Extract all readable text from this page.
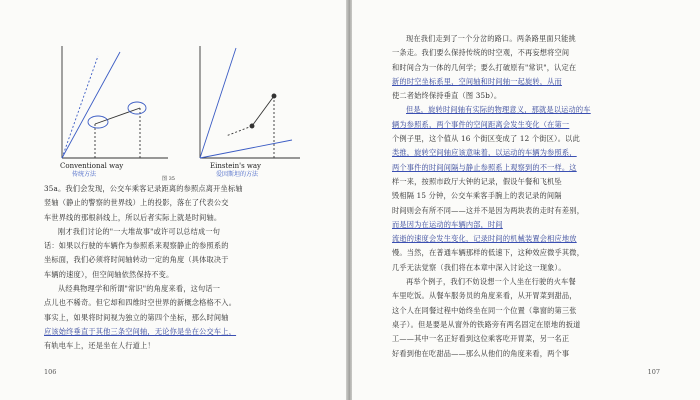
Conventional way
传统方法
Einstein's way
爱因斯坦的方法
图 35
35a。我们会发现，公交车乘客记录距离的参照点离开坐标轴
竖轴（静止的警察的世界线）上的投影，落在了代表公交
车世界线的那根斜线上，所以后者实际上就是时间轴。
刚才我们讨论的"一大堆故事"或许可以总结成一句
话：如果以行驶的车辆作为参照系来观察静止的参照系的
坐标面，我们必须将时间轴转动一定的角度（具体取决于
车辆的速度），但空间轴依然保持不变。
从经典物理学和所谓"常识"的角度来看，这句话一
点儿也不稀奇。但它却和四维时空世界的新概念格格不入。
事实上，如果将时间视为独立的第四个坐标，那么时间轴
应该始终垂直于其他三条空间轴，无论你是坐在公交车上，
有轨电车上，还是坐在人行道上！
106
现在我们走到了一个分岔的路口。两条路里面只能挑
一条走。我们要么保持传统的时空观，不再妄想将空间
和时间合为一体的几何学；要么打破原有"常识"，认定在
新的时空坐标系里，空间轴和时间轴一起旋转，从而
使二者始终保持垂直（图 35b）。
但是，旋转时间轴有实际的物理意义，那就是以运动的车
辆为参照系，两个事件的空间距离会发生变化（在第一
个例子里，这个值从 16 个街区变成了 12 个街区）。以此
类推，旋转空间轴应该意味着，以运动的车辆为参照系，
两个事件的时间间隔与静止参照系上观察到的不一样。这
样一来，按照市政厅大钟的记录，假设午餐和飞机坠
毁相隔 15 分钟，公交车乘客手腕上的表记录的间隔
时间则会有所不同——这并不是因为两块表的走时有差别，
而是因为在运动的车辆内部，时间
流逝的速度会发生变化，记录时间的机械装置会相应地放
慢。当然，在普通车辆那样的低速下，这种效应微乎其微，
几乎无法觉察（我们将在本章中深入讨论这一现象）。
再举个例子，我们不妨设想一个人坐在行驶的火车餐
车里吃饭。从餐车服务员的角度来看，从开胃菜到甜品，
这个人在同餐过程中始终坐在同一个位置（靠窗的第三张
桌子）。但是要是从窗外的铁路旁有两名固定在原地的扳道
工——其中一名正好看到这位乘客吃开胃菜，另一名正
好看到他在吃甜品——那么从他们的角度来看，两个事
107
